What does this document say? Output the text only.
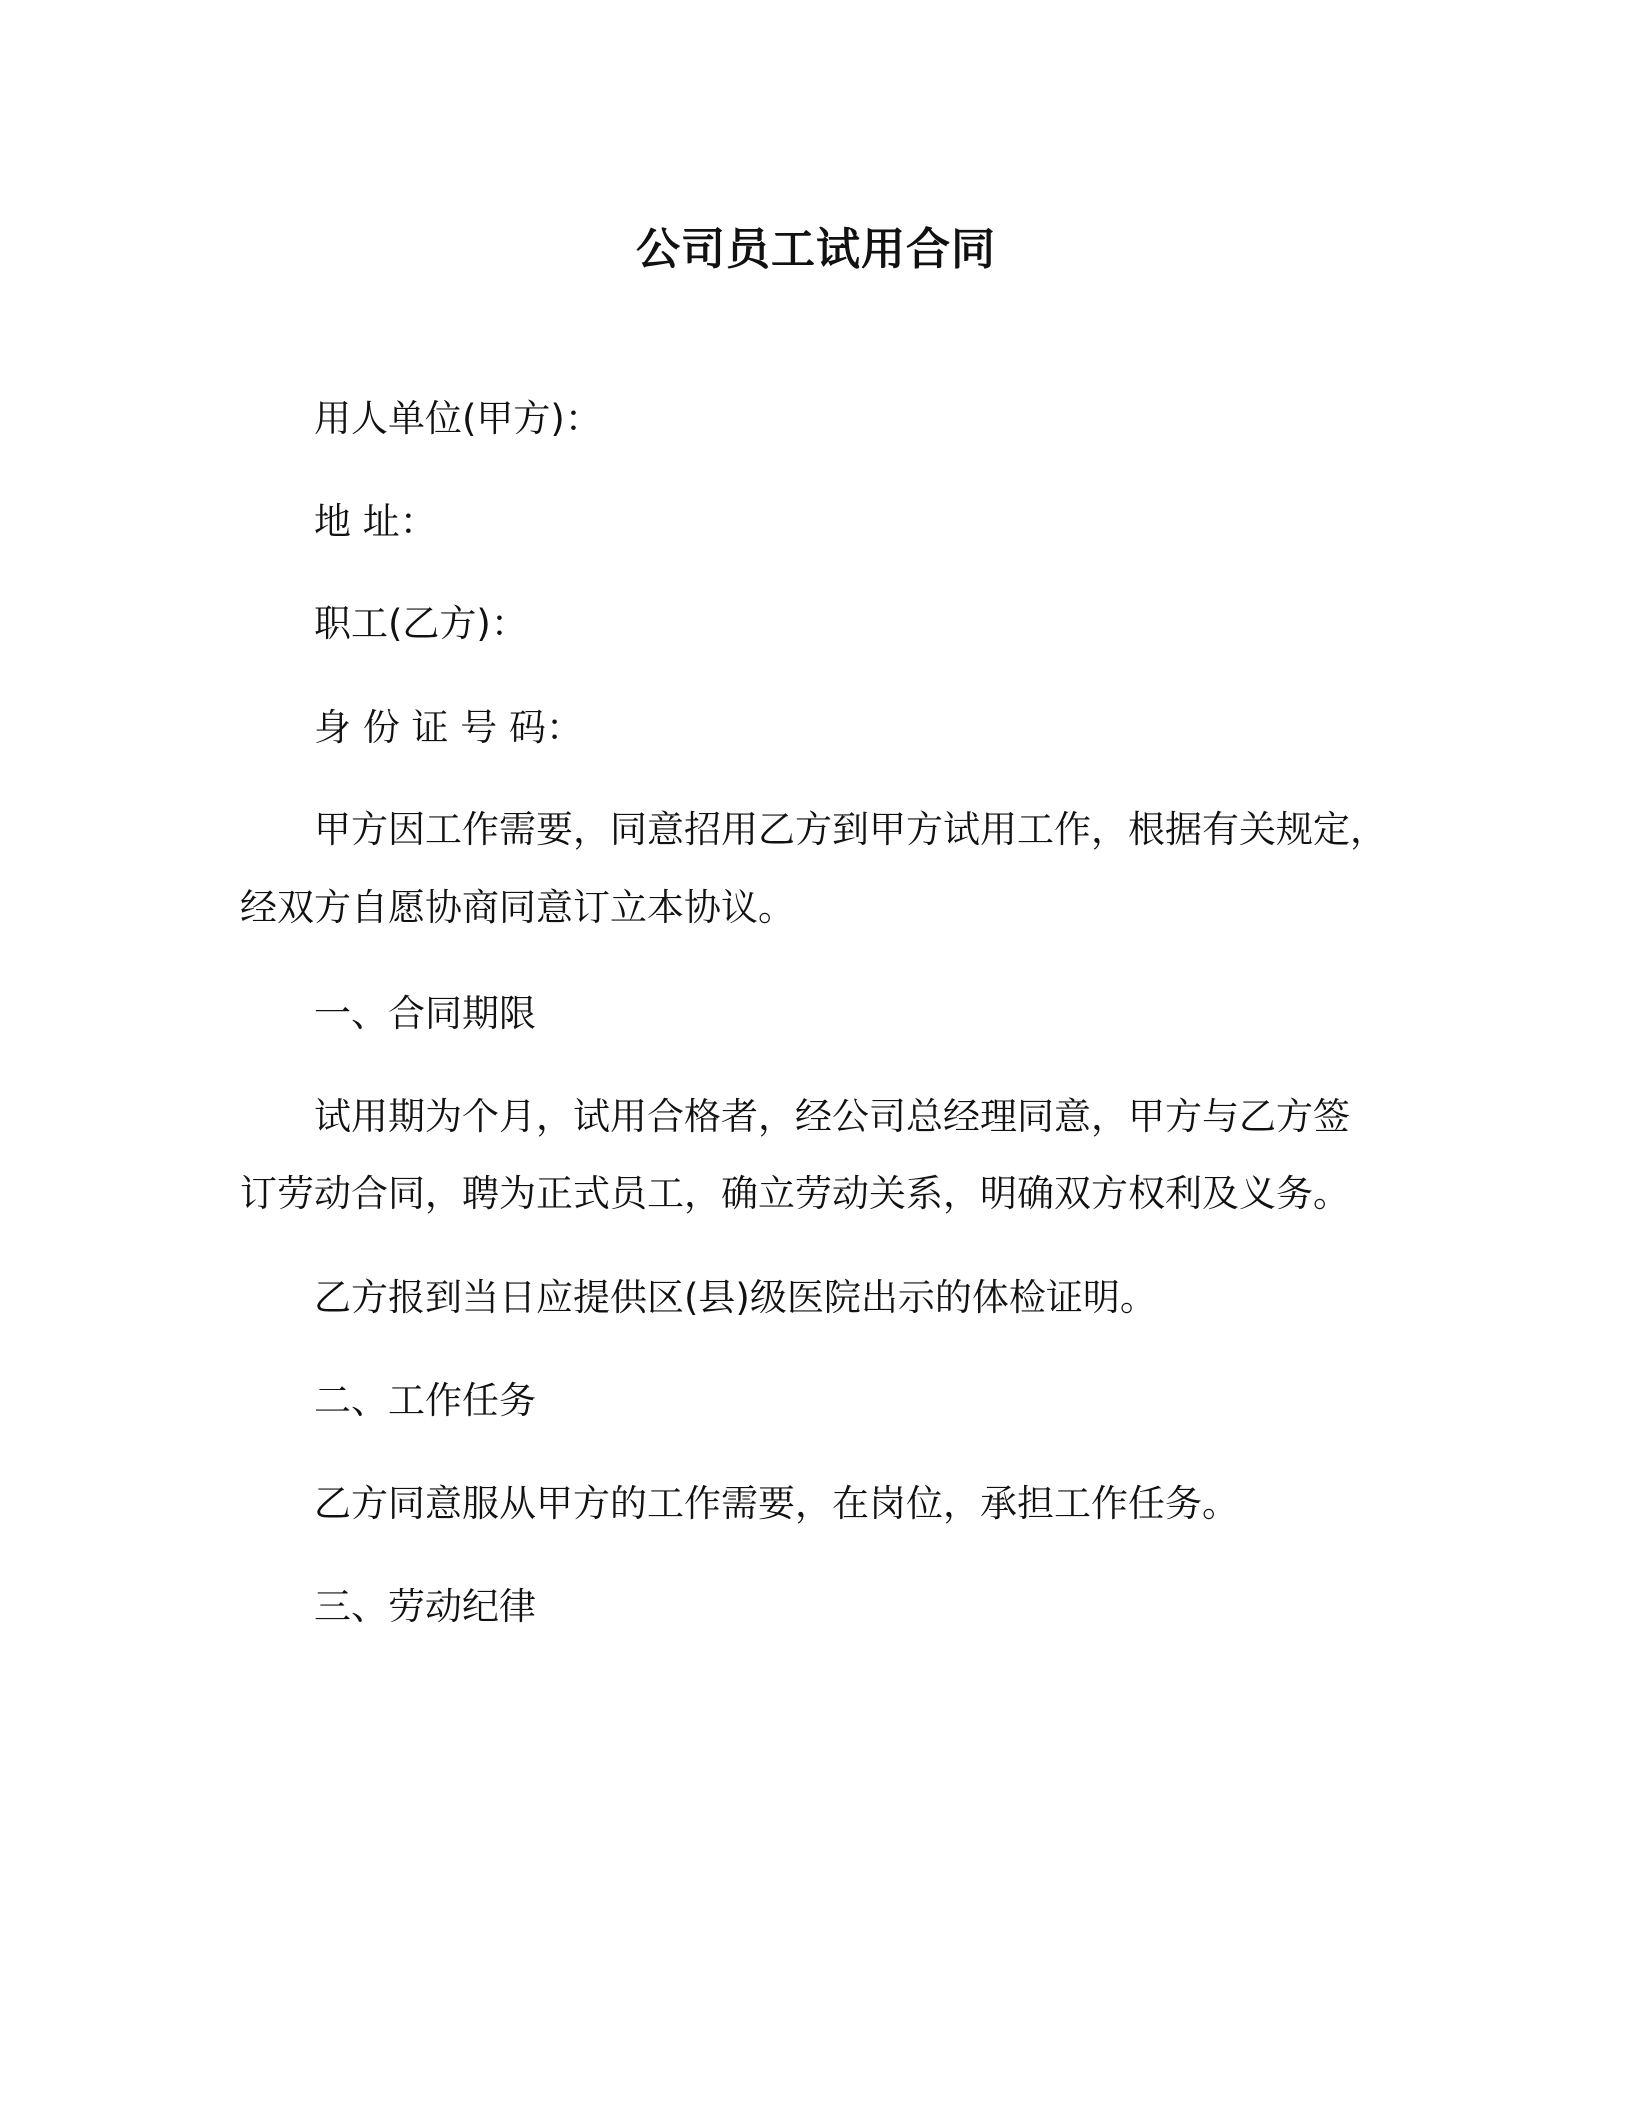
公司员工试用合同
用人单位(甲方)：
地 址：
职工(乙方)：
身 份 证 号 码：
甲方因工作需要，同意招用乙方到甲方试用工作，根据有关规定，
经双方自愿协商同意订立本协议。
一、合同期限
试用期为个月，试用合格者，经公司总经理同意，甲方与乙方签
订劳动合同，聘为正式员工，确立劳动关系，明确双方权利及义务。
乙方报到当日应提供区(县)级医院出示的体检证明。
二、工作任务
乙方同意服从甲方的工作需要，在岗位，承担工作任务。
三、劳动纪律
